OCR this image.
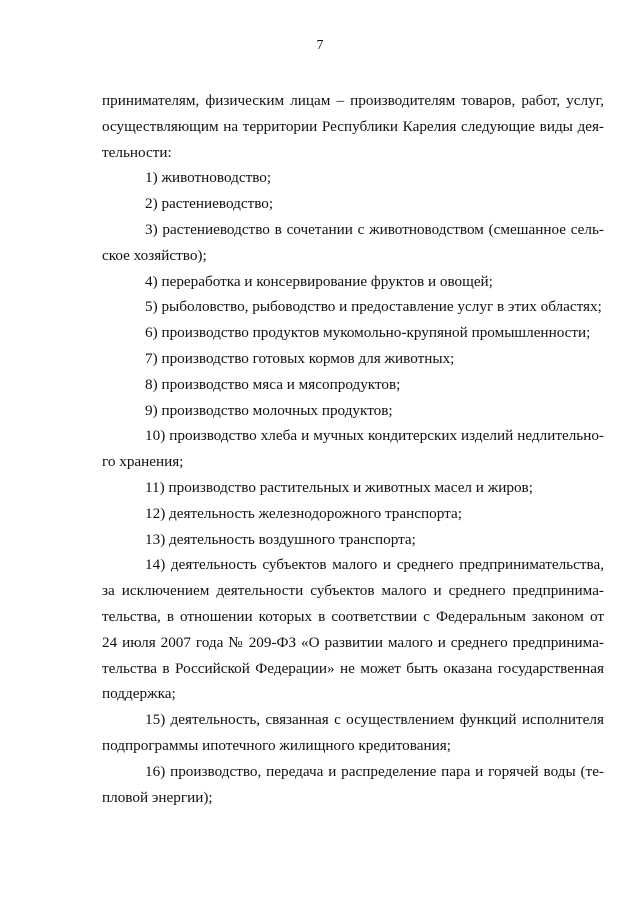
7
принимателям, физическим лицам – производителям товаров, работ, услуг,
осуществляющим на территории Республики Карелия следующие виды дея-
тельности:
1) животноводство;
2) растениеводство;
3) растениеводство в сочетании с животноводством (смешанное сель-
ское хозяйство);
4) переработка и консервирование фруктов и овощей;
5) рыболовство, рыбоводство и предоставление услуг в этих областях;
6) производство продуктов мукомольно-крупяной промышленности;
7) производство готовых кормов для животных;
8) производство мяса и мясопродуктов;
9) производство молочных продуктов;
10) производство хлеба и мучных кондитерских изделий недлительно-
го хранения;
11) производство растительных и животных масел и жиров;
12) деятельность железнодорожного транспорта;
13) деятельность воздушного транспорта;
14) деятельность субъектов малого и среднего предпринимательства,
за исключением деятельности субъектов малого и среднего предпринима-
тельства, в отношении которых в соответствии с Федеральным законом от
24 июля 2007 года № 209-ФЗ «О развитии малого и среднего предпринима-
тельства в Российской Федерации» не может быть оказана государственная
поддержка;
15) деятельность, связанная с осуществлением функций исполнителя
подпрограммы ипотечного жилищного кредитования;
16) производство, передача и распределение пара и горячей воды (те-
пловой энергии);
